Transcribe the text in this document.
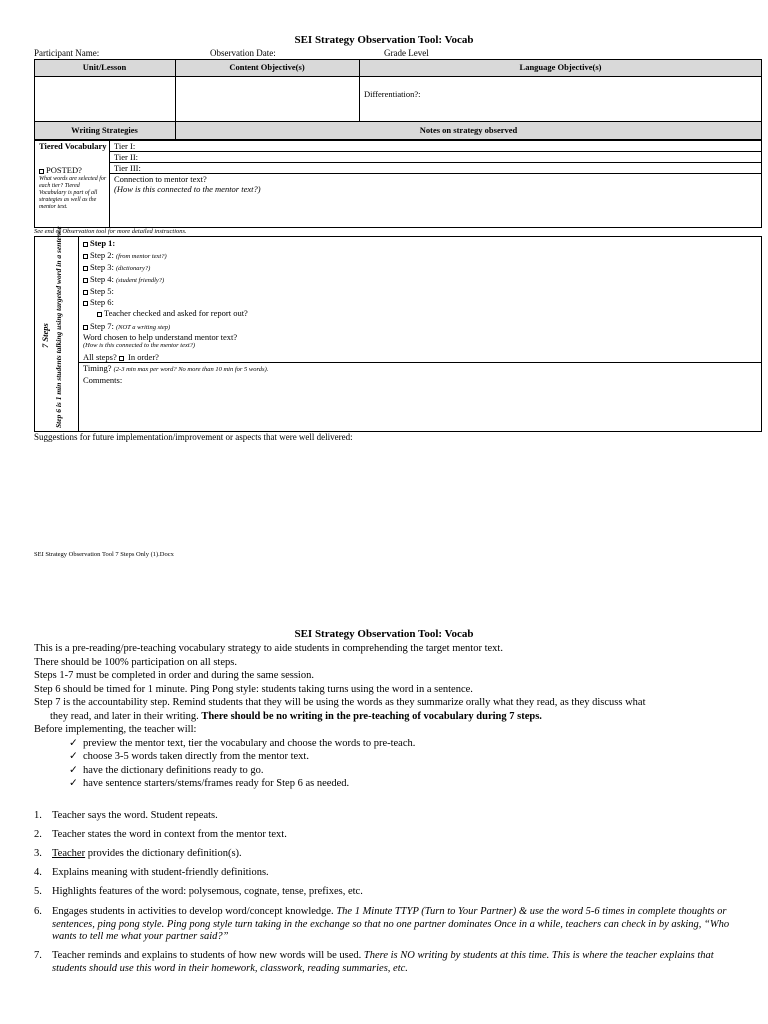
SEI Strategy Observation Tool: Vocab
Participant Name:	Observation Date:	Grade Level
Unit/Lesson	Content Objective(s)	Language Objective(s)
Differentiation?:
Writing Strategies	Notes on strategy observed
Tiered Vocabulary
POSTED?
What words are selected for each tier? Tiered Vocabulary is part of all strategies as well as the mentor text.
Tier I:
Tier II:
Tier III:
Connection to mentor text?
(How is this connected to the mentor text?)
See end of Observation tool for more detailed instructions.
7 Steps Step 6 is 1 min students talking using targeted word in a sentence	Step 1:
Step 2: (from mentor text?)
Step 3: (dictionary?)
Step 4: (student friendly?)
Step 5:
Step 6:
Teacher checked and asked for report out?
Step 7: (NOT a writing step)
Word chosen to help understand mentor text?
(How is this connected to the mentor text?)
All steps? In order?
Timing? (2-3 min max per word? No more than 10 min for 5 words).
Comments:
Suggestions for future implementation/improvement or aspects that were well delivered:
SEI Strategy Observation Tool 7 Steps Only (1).Docx
SEI Strategy Observation Tool: Vocab

This is a pre-reading/pre-teaching vocabulary strategy to aide students in comprehending the target mentor text.

There should be 100% participation on all steps.

Steps 1-7 must be completed in order and during the same session.

Step 6 should be timed for 1 minute. Ping Pong style: students taking turns using the word in a sentence.

Step 7 is the accountability step. Remind students that they will be using the words as they summarize orally what they read, as they discuss what

they read, and later in their writing. There should be no writing in the pre-teaching of vocabulary during 7 steps.

Before implementing, the teacher will:

✓ preview the mentor text, tier the vocabulary and choose the words to pre-teach.
✓ choose 3-5 words taken directly from the mentor text.
✓ have the dictionary definitions ready to go.
✓ have sentence starters/stems/frames ready for Step 6 as needed.
1. Teacher says the word. Student repeats.
2. Teacher states the word in context from the mentor text.
3. Teacher provides the dictionary definition(s).
4. Explains meaning with student-friendly definitions.
5. Highlights features of the word: polysemous, cognate, tense, prefixes, etc.
6. Engages students in activities to develop word/concept knowledge. The 1 Minute TTYP (Turn to Your Partner) & use the word 5-6 times in complete thoughts or sentences, ping pong style. Ping pong style turn taking in the exchange so that no one partner dominates Once in a while, teachers can check in by asking, “Who wants to tell me what your partner said?”
7. Teacher reminds and explains to students of how new words will be used. There is NO writing by students at this time. This is where the teacher explains that students should use this word in their homework, classwork, reading summaries, etc.
